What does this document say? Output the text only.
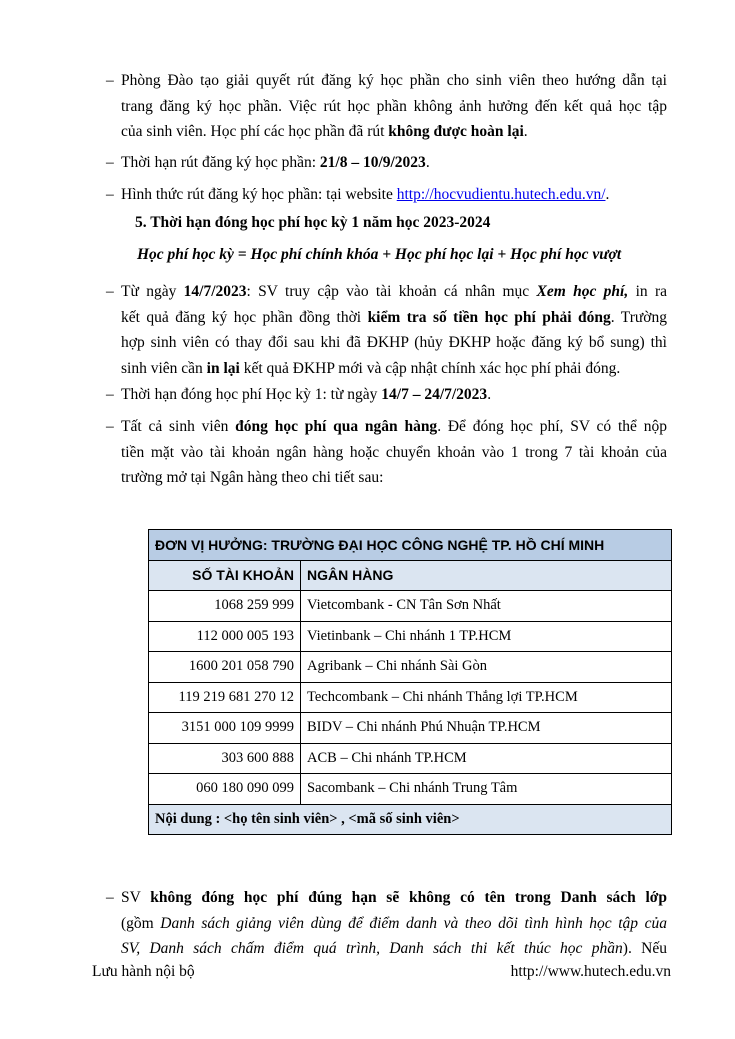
– Phòng Đào tạo giải quyết rút đăng ký học phần cho sinh viên theo hướng dẫn tại
trang đăng ký học phần. Việc rút học phần không ảnh hưởng đến kết quả học tập
của sinh viên. Học phí các học phần đã rút không được hoàn lại.
– Thời hạn rút đăng ký học phần: 21/8 – 10/9/2023.
– Hình thức rút đăng ký học phần: tại website http://hocvudientu.hutech.edu.vn/.
5. Thời hạn đóng học phí học kỳ 1 năm học 2023-2024
Học phí học kỳ = Học phí chính khóa + Học phí học lại + Học phí học vượt
– Từ ngày 14/7/2023: SV truy cập vào tài khoản cá nhân mục Xem học phí, in ra
kết quả đăng ký học phần đồng thời kiểm tra số tiền học phí phải đóng. Trường
hợp sinh viên có thay đổi sau khi đã ĐKHP (hủy ĐKHP hoặc đăng ký bổ sung) thì
sinh viên cần in lại kết quả ĐKHP mới và cập nhật chính xác học phí phải đóng.
– Thời hạn đóng học phí Học kỳ 1: từ ngày 14/7 – 24/7/2023.
– Tất cả sinh viên đóng học phí qua ngân hàng. Để đóng học phí, SV có thể nộp
tiền mặt vào tài khoản ngân hàng hoặc chuyển khoản vào 1 trong 7 tài khoản của
trường mở tại Ngân hàng theo chi tiết sau:
ĐƠN VỊ HƯỞNG: TRƯỜNG ĐẠI HỌC CÔNG NGHỆ TP. HỒ CHÍ MINH	
SỐ TÀI KHOẢN	NGÂN HÀNG
1068 259 999	Vietcombank - CN Tân Sơn Nhất
112 000 005 193	Vietinbank – Chi nhánh 1 TP.HCM
1600 201 058 790	Agribank – Chi nhánh Sài Gòn
119 219 681 270 12	Techcombank – Chi nhánh Thắng lợi TP.HCM
3151 000 109 9999	BIDV – Chi nhánh Phú Nhuận TP.HCM
303 600 888	ACB – Chi nhánh TP.HCM
060 180 090 099	Sacombank – Chi nhánh Trung Tâm
Nội dung : <họ tên sinh viên> , <mã số sinh viên>	
– SV không đóng học phí đúng hạn sẽ không có tên trong Danh sách lớp
(gồm Danh sách giảng viên dùng để điểm danh và theo dõi tình hình học tập của
SV, Danh sách chấm điểm quá trình, Danh sách thi kết thúc học phần). Nếu
Lưu hành nội bộ	http://www.hutech.edu.vn
